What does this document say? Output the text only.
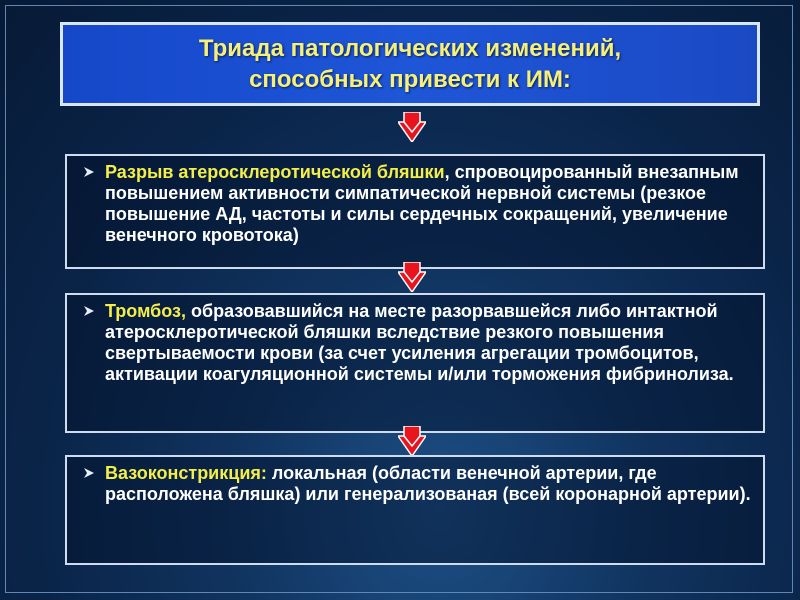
Триада патологических изменений,
способных привести к ИМ:
Разрыв атеросклеротической бляшки, спровоцированный внезапным повышением активности симпатической нервной системы (резкое повышение АД, частоты и силы сердечных сокращений, увеличение венечного кровотока)
Тромбоз, образовавшийся на месте разорвавшейся либо интактной атеросклеротической бляшки вследствие резкого повышения свертываемости крови (за счет усиления агрегации тромбоцитов, активации коагуляционной системы и/или торможения фибринолиза.
Вазоконстрикция: локальная (области венечной артерии, где расположена бляшка) или генерализованая (всей коронарной артерии).
